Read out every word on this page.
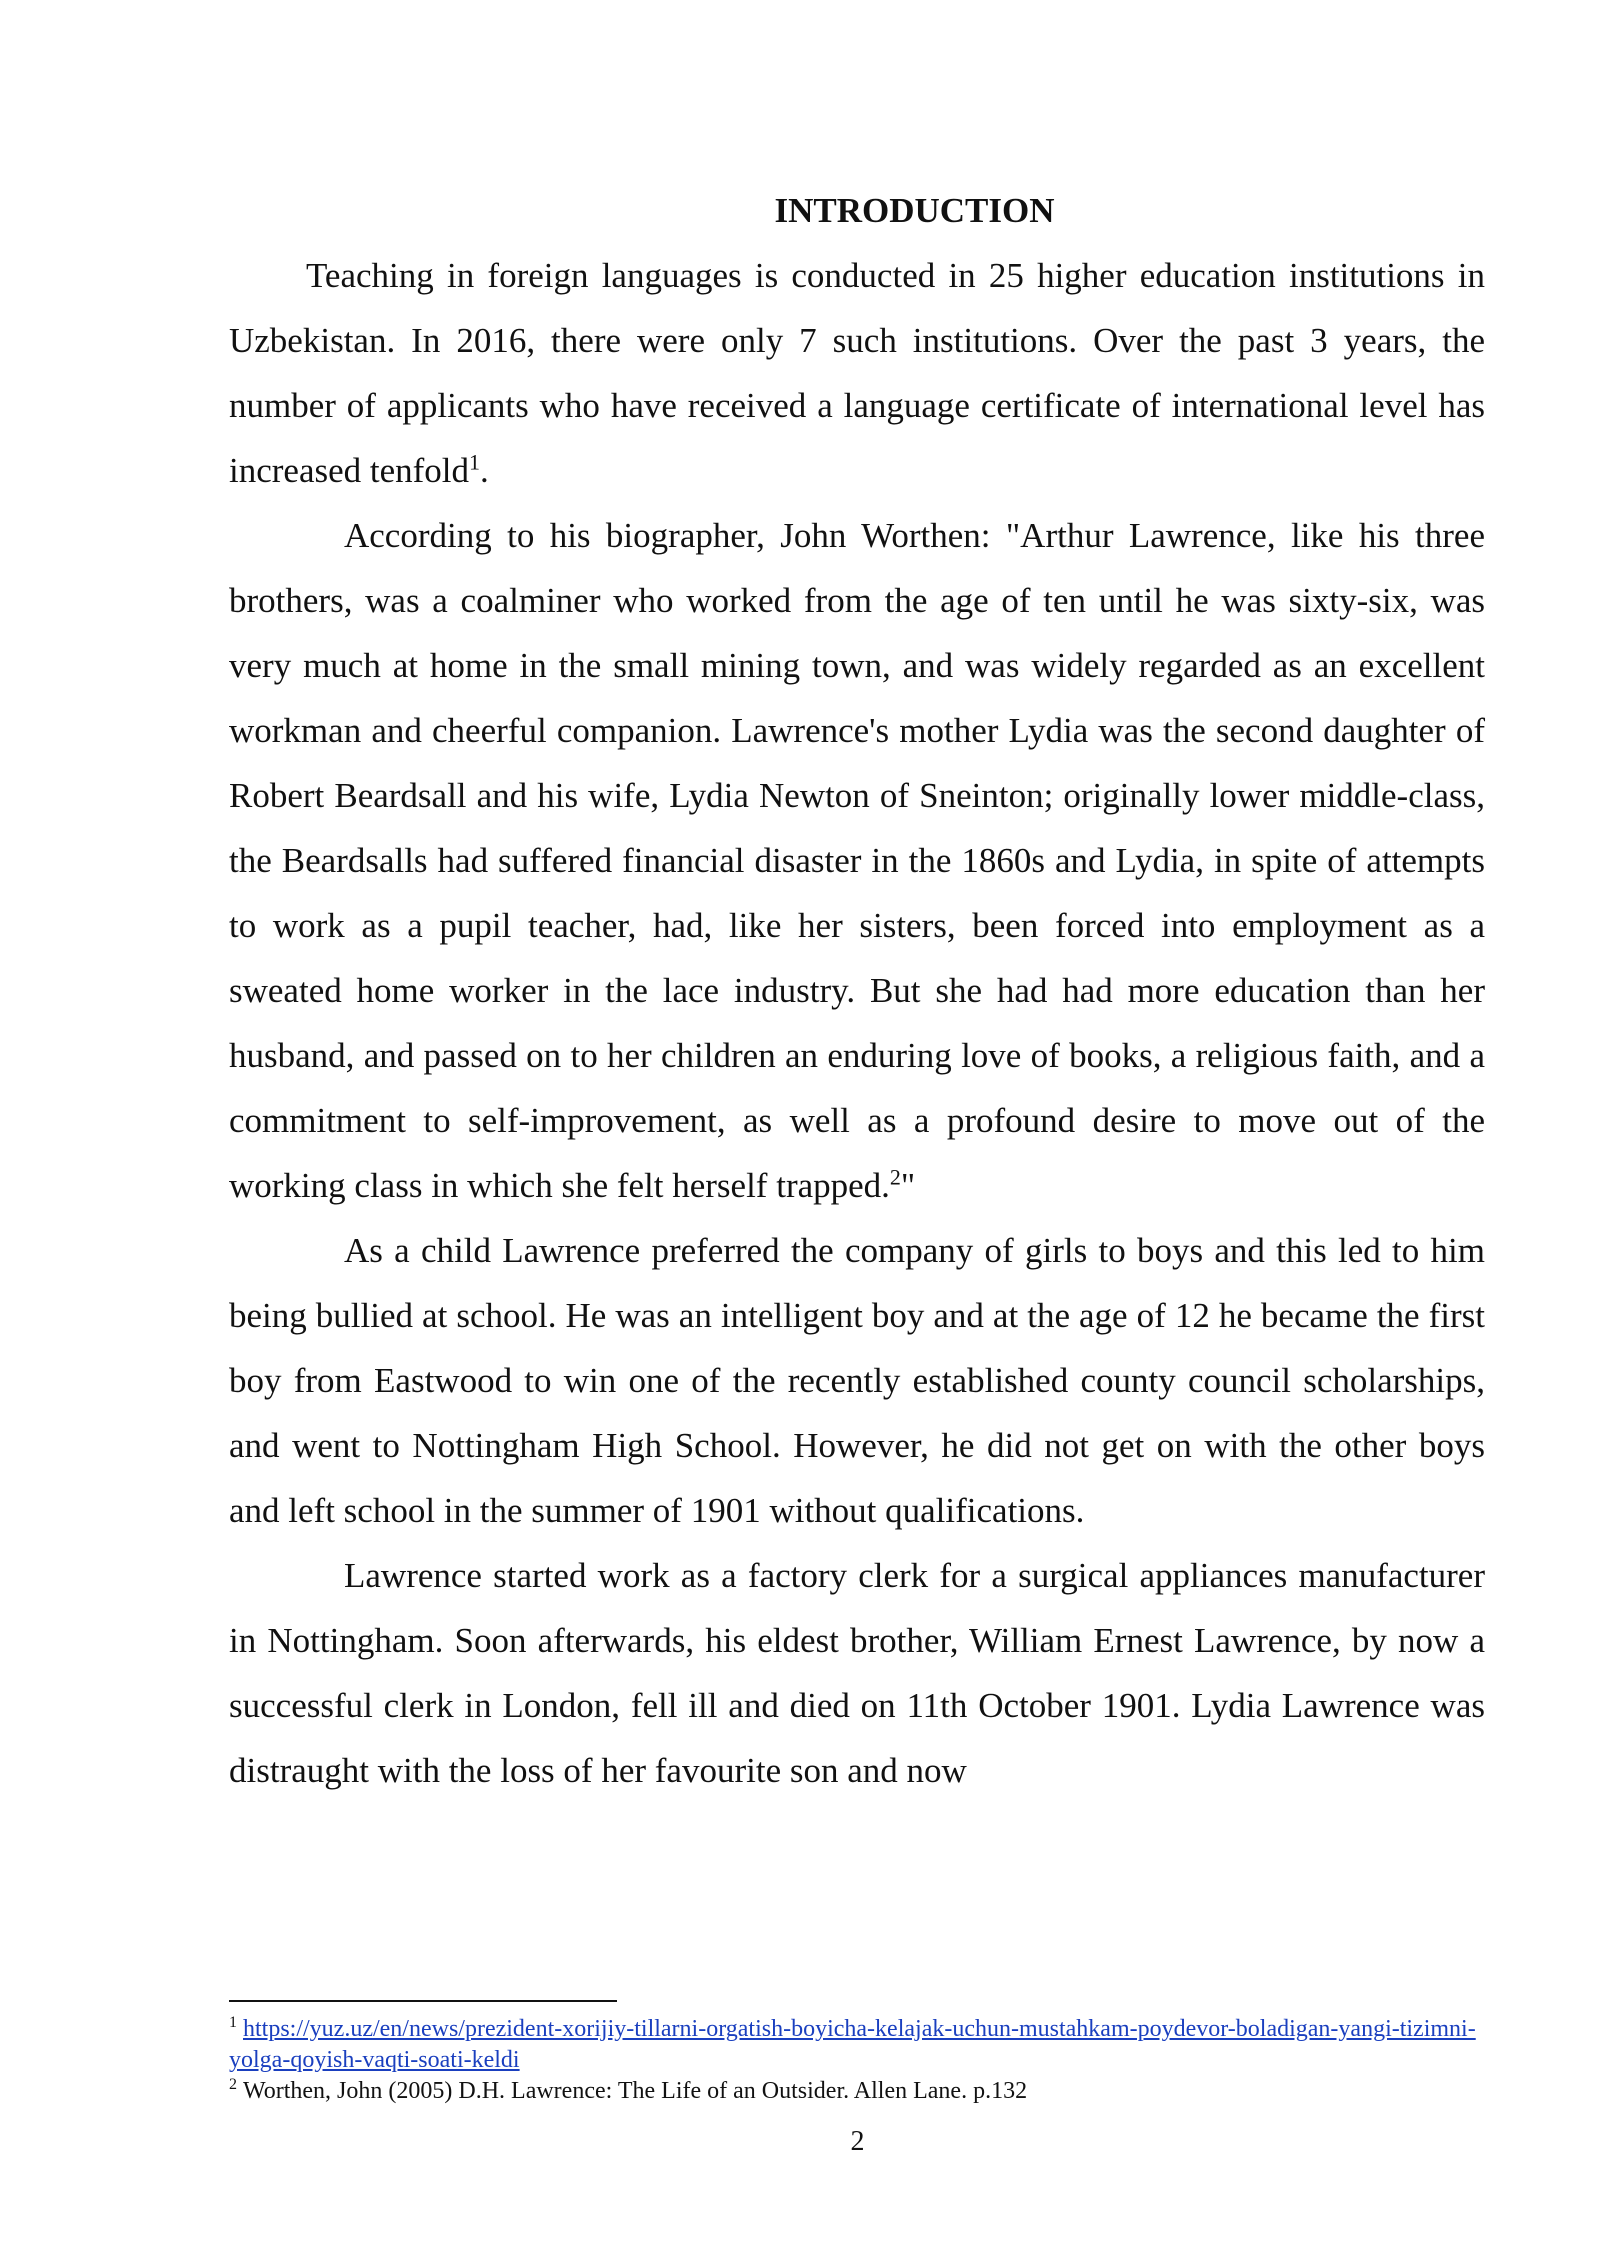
INTRODUCTION

Teaching in foreign languages is conducted in 25 higher education institutions in Uzbekistan. In 2016, there were only 7 such institutions. Over the past 3 years, the number of applicants who have received a language certificate of international level has increased tenfold$^1$.

According to his biographer, John Worthen: "Arthur Lawrence, like his three brothers, was a coalminer who worked from the age of ten until he was sixty-six, was very much at home in the small mining town, and was widely regarded as an excellent workman and cheerful companion. Lawrence's mother Lydia was the second daughter of Robert Beardsall and his wife, Lydia Newton of Sneinton; originally lower middle-class, the Beardsalls had suffered financial disaster in the 1860s and Lydia, in spite of attempts to work as a pupil teacher, had, like her sisters, been forced into employment as a sweated home worker in the lace industry. But she had had more education than her husband, and passed on to her children an enduring love of books, a religious faith, and a commitment to self-improvement, as well as a profound desire to move out of the working class in which she felt herself trapped.$^2$"

As a child Lawrence preferred the company of girls to boys and this led to him being bullied at school. He was an intelligent boy and at the age of 12 he became the first boy from Eastwood to win one of the recently established county council scholarships, and went to Nottingham High School. However, he did not get on with the other boys and left school in the summer of 1901 without qualifications.

Lawrence started work as a factory clerk for a surgical appliances manufacturer in Nottingham. Soon afterwards, his eldest brother, William Ernest Lawrence, by now a successful clerk in London, fell ill and died on 11th October 1901. Lydia Lawrence was distraught with the loss of her favourite son and now

$^1$ https://yuz.uz/en/news/prezident-xorijiy-tillarni-orgatish-boyicha-kelajak-uchun-mustahkam-poydevor-boladigan-yangi-tizimni-yolga-qoyish-vaqti-soati-keldi

$^2$ Worthen, John (2005) D.H. Lawrence: The Life of an Outsider. Allen Lane. p.132

2
